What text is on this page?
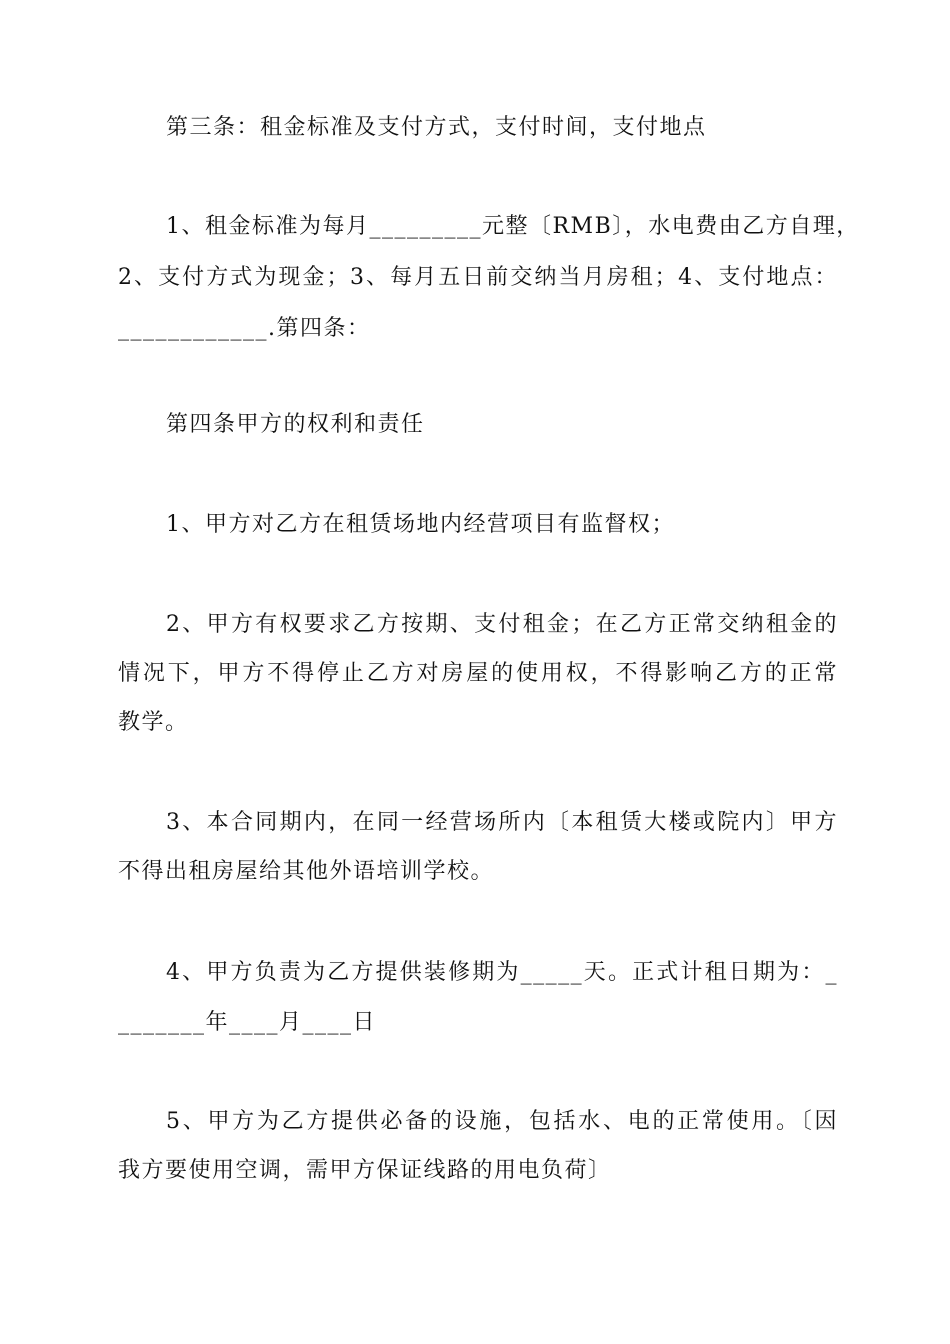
第三条：租金标准及支付方式，支付时间，支付地点

1、租金标准为每月_________元整〔RMB〕，水电费由乙方自理，

2、支付方式为现金；3、每月五日前交纳当月房租；4、支付地点：

____________.第四条：

第四条甲方的权利和责任

1、甲方对乙方在租赁场地内经营项目有监督权；

2、甲方有权要求乙方按期、支付租金；在乙方正常交纳租金的

情况下，甲方不得停止乙方对房屋的使用权，不得影响乙方的正常

教学。

3、本合同期内，在同一经营场所内〔本租赁大楼或院内〕甲方

不得出租房屋给其他外语培训学校。

4、甲方负责为乙方提供装修期为_____天。正式计租日期为：_

_______年____月____日

5、甲方为乙方提供必备的设施，包括水、电的正常使用。〔因

我方要使用空调，需甲方保证线路的用电负荷〕
